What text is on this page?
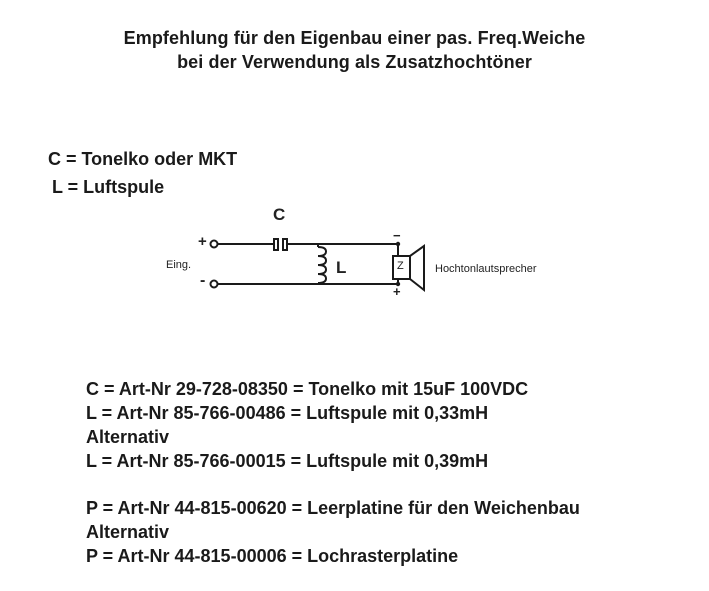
Empfehlung für den Eigenbau einer pas. Freq.Weiche
bei der Verwendung als Zusatzhochtöner
C = Tonelko oder MKT
L = Luftspule
C
L
Eing.
+
-
Z
−
+
Hochtonlautsprecher
C = Art-Nr 29-728-08350 = Tonelko mit 15uF 100VDC
L = Art-Nr 85-766-00486 = Luftspule mit 0,33mH
Alternativ
L = Art-Nr 85-766-00015 = Luftspule mit 0,39mH
P = Art-Nr 44-815-00620 = Leerplatine für den Weichenbau
Alternativ
P = Art-Nr 44-815-00006 = Lochrasterplatine
